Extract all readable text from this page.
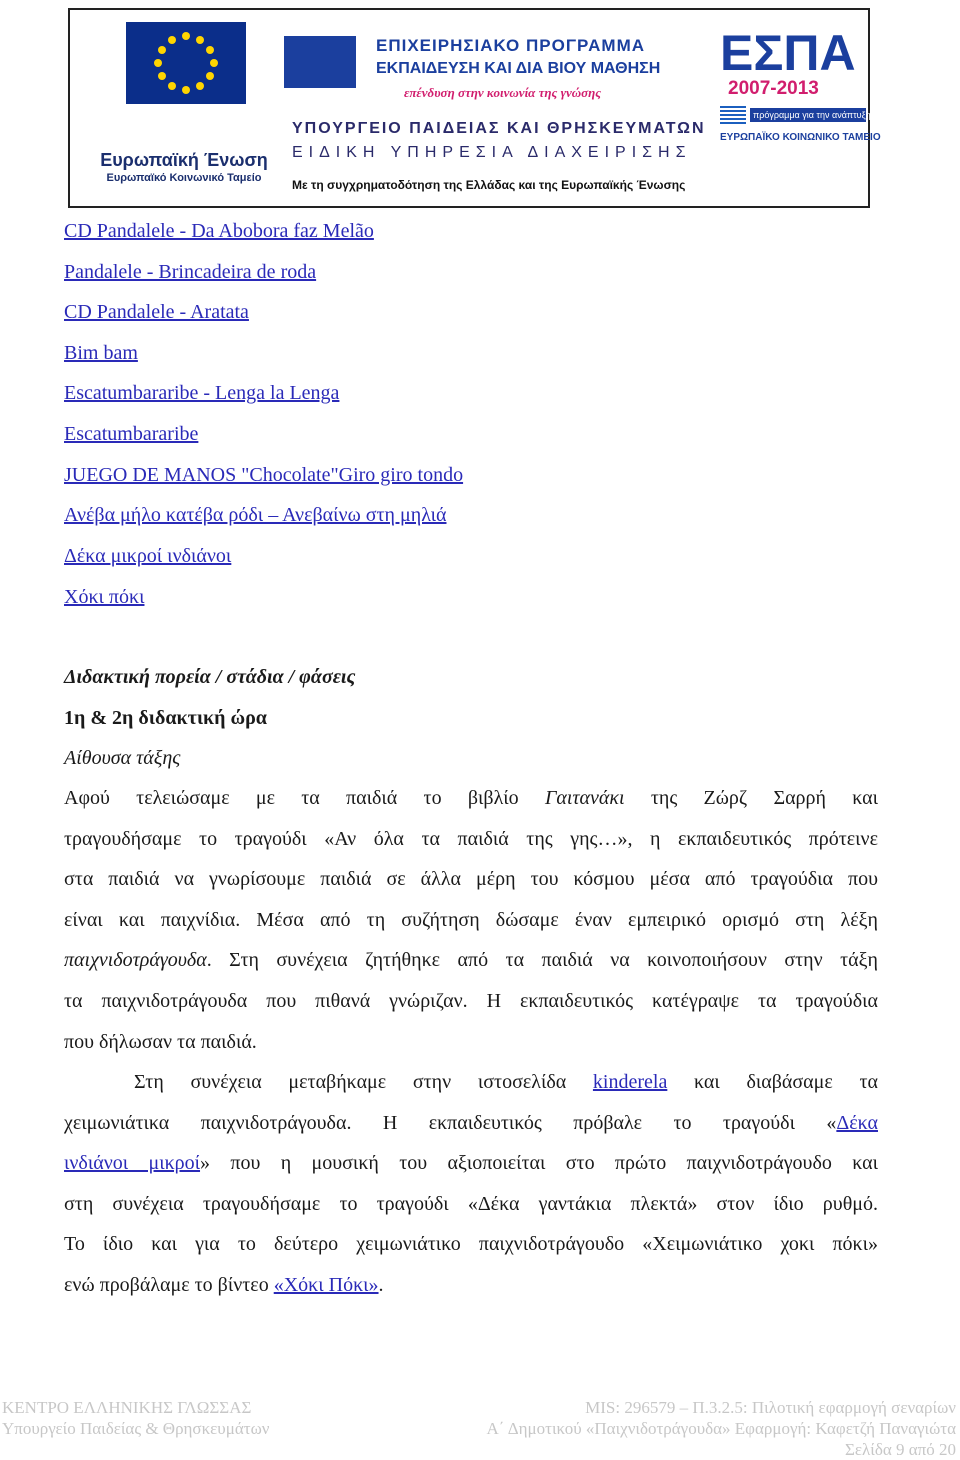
Ευρωπαϊκή Ένωση
Ευρωπαϊκό Κοινωνικό Ταμείο
ΕΠΙΧΕΙΡΗΣΙΑΚΟ ΠΡΟΓΡΑΜΜΑ
ΕΚΠΑΙΔΕΥΣΗ ΚΑΙ ΔΙΑ ΒΙΟΥ ΜΑΘΗΣΗ
επένδυση στην κοινωνία της γνώσης
ΥΠΟΥΡΓΕΙΟ ΠΑΙΔΕΙΑΣ ΚΑΙ ΘΡΗΣΚΕΥΜΑΤΩΝ
ΕΙΔΙΚΗ ΥΠΗΡΕΣΙΑ ΔΙΑΧΕΙΡΙΣΗΣ
Με τη συγχρηματοδότηση της Ελλάδας και της Ευρωπαϊκής Ένωσης
ΕΣΠΑ
2007-2013
πρόγραμμα για την ανάπτυξη
ΕΥΡΩΠΑΪΚΟ ΚΟΙΝΩΝΙΚΟ ΤΑΜΕΙΟ
CD Pandalele - Da Abobora faz Melão
Pandalele - Brincadeira de roda
CD Pandalele - Aratata
Bim bam
Escatumbararibe - Lenga la Lenga
Escatumbararibe
JUEGO DE MANOS "Chocolate"Giro giro tondo
Ανέβα μήλο κατέβα ρόδι – Ανεβαίνω στη μηλιά
Δέκα μικροί ινδιάνοι
Χόκι πόκι
Διδακτική πορεία / στάδια / φάσεις
1η & 2η διδακτική ώρα
Αίθουσα τάξης

Αφού τελειώσαμε με τα παιδιά το βιβλίο Γαιτανάκι της Ζώρζ Σαρρή και

τραγουδήσαμε το τραγούδι «Αν όλα τα παιδιά της γης…», η εκπαιδευτικός πρότεινε

στα παιδιά να γνωρίσουμε παιδιά σε άλλα μέρη του κόσμου μέσα από τραγούδια που

είναι και παιχνίδια. Μέσα από τη συζήτηση δώσαμε έναν εμπειρικό ορισμό στη λέξη

παιχνιδοτράγουδα. Στη συνέχεια ζητήθηκε από τα παιδιά να κοινοποιήσουν στην τάξη

τα παιχνιδοτράγουδα που πιθανά γνώριζαν. Η εκπαιδευτικός κατέγραψε τα τραγούδια

που δήλωσαν τα παιδιά.

Στη συνέχεια μεταβήκαμε στην ιστοσελίδα kinderela και διαβάσαμε τα

χειμωνιάτικα παιχνιδοτράγουδα. Η εκπαιδευτικός πρόβαλε το τραγούδι «Δέκα

ινδιάνοι μικροί» που η μουσική του αξιοποιείται στο πρώτο παιχνιδοτράγουδο και

στη συνέχεια τραγουδήσαμε το τραγούδι «Δέκα γαντάκια πλεκτά» στον ίδιο ρυθμό.

Το ίδιο και για το δεύτερο χειμωνιάτικο παιχνιδοτράγουδο «Χειμωνιάτικο χοκι πόκι»

ενώ προβάλαμε το βίντεο «Χόκι Πόκι».

ΚΕΝΤΡΟ ΕΛΛΗΝΙΚΗΣ ΓΛΩΣΣΑΣ
Υπουργείο Παιδείας & Θρησκευμάτων
MIS: 296579 – Π.3.2.5: Πιλοτική εφαρμογή σεναρίων
Α΄ Δημοτικού «Παιχνιδοτράγουδα» Εφαρμογή: Καφετζή Παναγιώτα
Σελίδα 9 από 20
